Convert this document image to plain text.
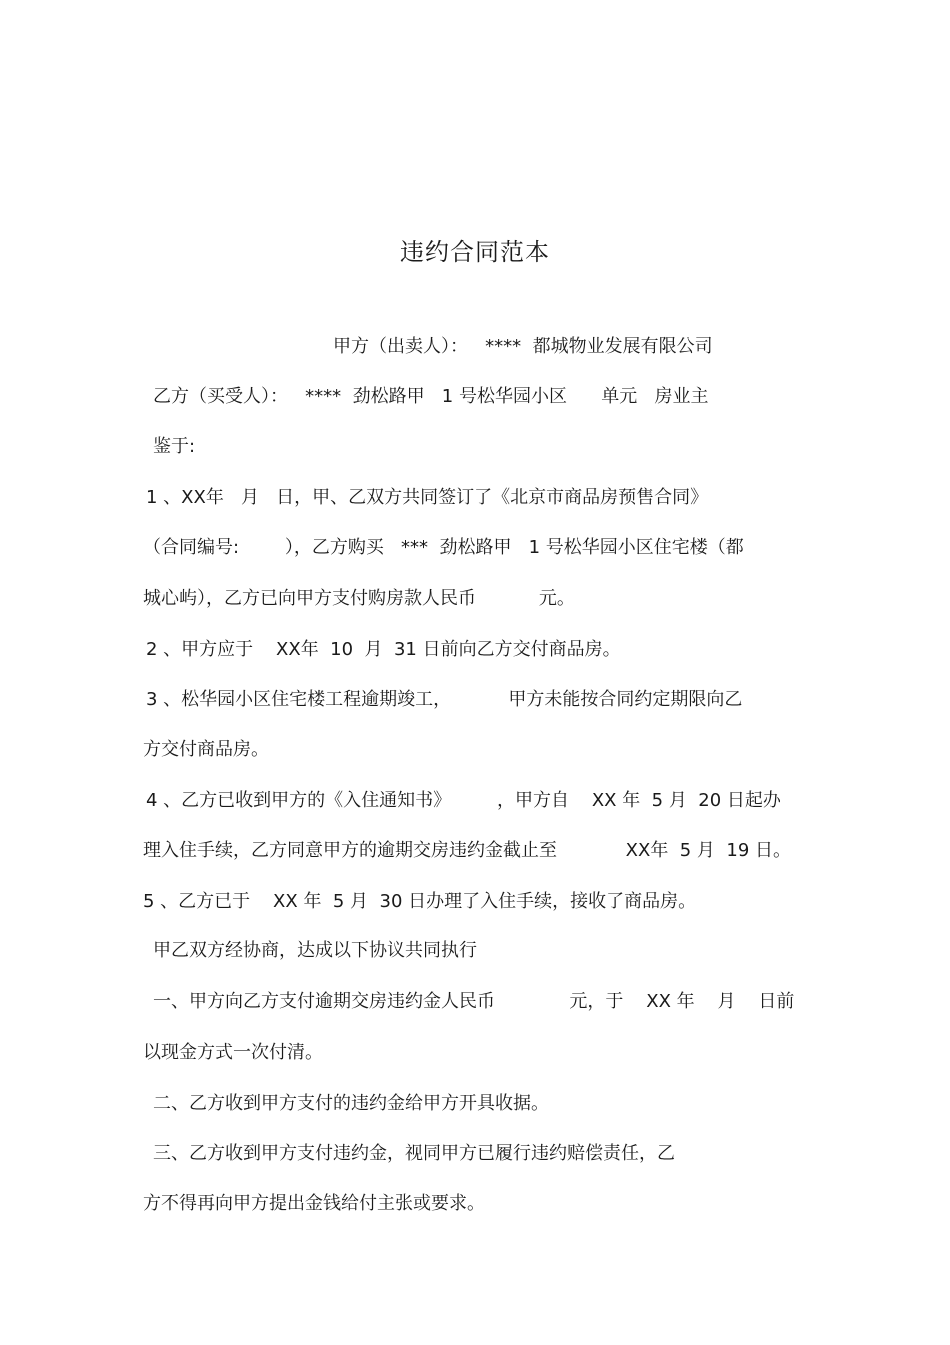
违约合同范本
甲方（出卖人）：   ****  都城物业发展有限公司
乙方（买受人）：   ****  劲松路甲   1 号松华园小区      单元   房业主
鉴于:
1 、XX年   月   日，甲、乙双方共同签订了《北京市商品房预售合同》
（合同编号:        ），乙方购买   ***  劲松路甲   1 号松华园小区住宅楼（都
城心屿），乙方已向甲方支付购房款人民币           元。
2 、甲方应于    XX年  10  月  31 日前向乙方交付商品房。
3 、松华园小区住宅楼工程逾期竣工，          甲方未能按合同约定期限向乙
方交付商品房。
4 、乙方已收到甲方的《入住通知书》        ，甲方自    XX 年  5 月  20 日起办
理入住手续，乙方同意甲方的逾期交房违约金截止至            XX年  5 月  19 日。
5 、乙方已于    XX 年  5 月  30 日办理了入住手续，接收了商品房。
甲乙双方经协商，达成以下协议共同执行
一、甲方向乙方支付逾期交房违约金人民币             元，于    XX 年    月    日前
以现金方式一次付清。
二、乙方收到甲方支付的违约金给甲方开具收据。
三、乙方收到甲方支付违约金，视同甲方已履行违约赔偿责任，乙
方不得再向甲方提出金钱给付主张或要求。
